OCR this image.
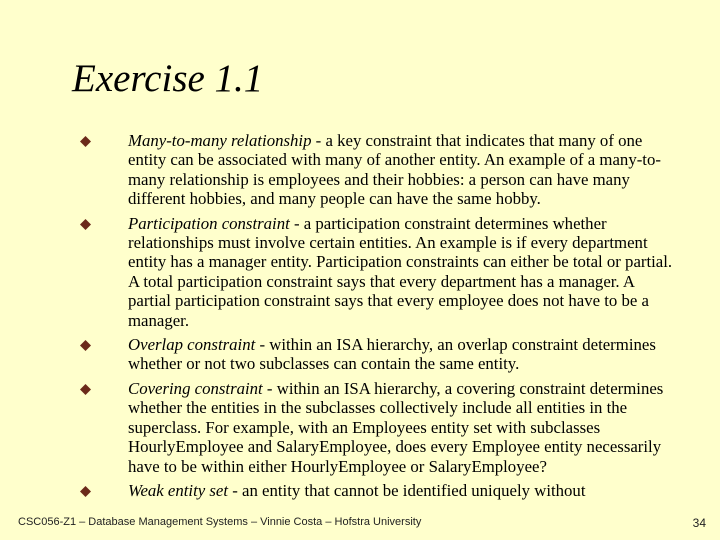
Exercise 1.1
Many-to-many relationship - a key constraint that indicates that many of one entity can be associated with many of another entity. An example of a many-to-many relationship is employees and their hobbies: a person can have many different hobbies, and many people can have the same hobby.
Participation constraint - a participation constraint determines whether relationships must involve certain entities. An example is if every department entity has a manager entity. Participation constraints can either be total or partial. A total participation constraint says that every department has a manager. A partial participation constraint says that every employee does not have to be a manager.
Overlap constraint - within an ISA hierarchy, an overlap constraint determines whether or not two subclasses can contain the same entity.
Covering constraint - within an ISA hierarchy, a covering constraint determines whether the entities in the subclasses collectively include all entities in the superclass. For example, with an Employees entity set with subclasses HourlyEmployee and SalaryEmployee, does every Employee entity necessarily have to be within either HourlyEmployee or SalaryEmployee?
Weak entity set - an entity that cannot be identified uniquely without
CSC056-Z1 – Database Management Systems – Vinnie Costa – Hofstra University	34
